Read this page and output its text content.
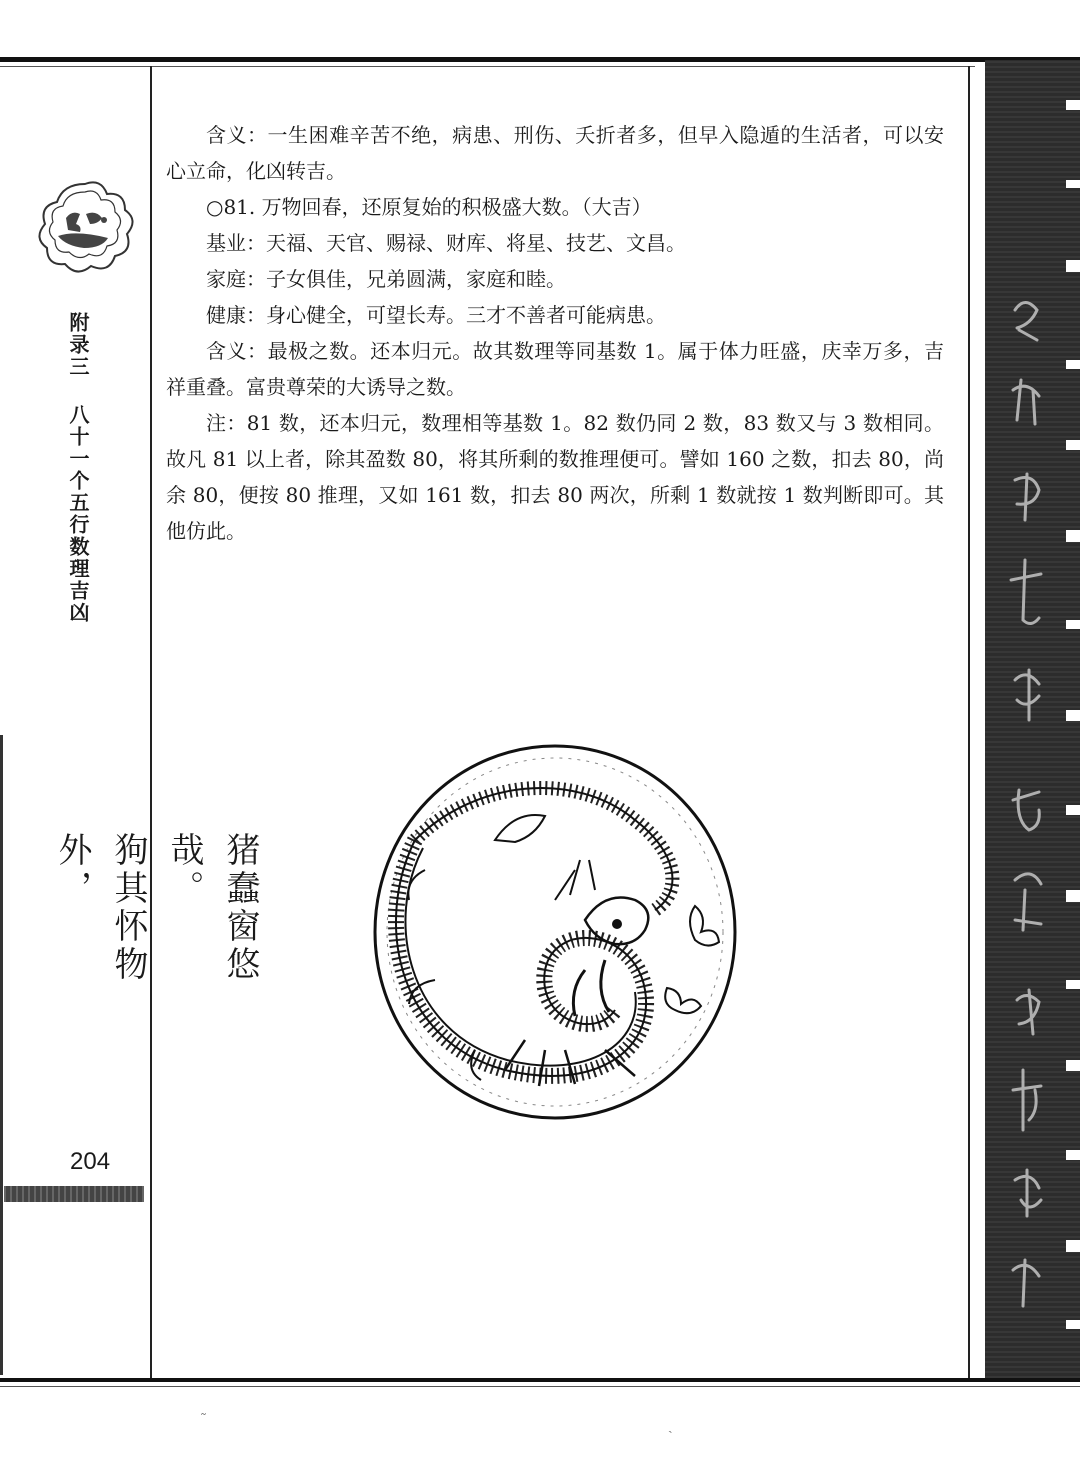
附录三八十一个五行数理吉凶
猪蠢窗悠哉。
狗其怀物外，
204

含义：一生困难辛苦不绝，病患、刑伤、夭折者多，但早入隐遁的生活者，可以安心立命，化凶转吉。

○81. 万物回春，还原复始的积极盛大数。（大吉）

基业：天福、天官、赐禄、财库、将星、技艺、文昌。

家庭：子女俱佳，兄弟圆满，家庭和睦。

健康：身心健全，可望长寿。三才不善者可能病患。

含义：最极之数。还本归元。故其数理等同基数 1。属于体力旺盛，庆幸万多，吉祥重叠。富贵尊荣的大诱导之数。

注：81 数，还本归元，数理相等基数 1。82 数仍同 2 数，83 数又与 3 数相同。故凡 81 以上者，除其盈数 80，将其所剩的数推理便可。譬如 160 之数，扣去 80，尚余 80，便按 80 推理，又如 161 数，扣去 80 两次，所剩 1 数就按 1 数判断即可。其他仿此。

˜	ˏ
